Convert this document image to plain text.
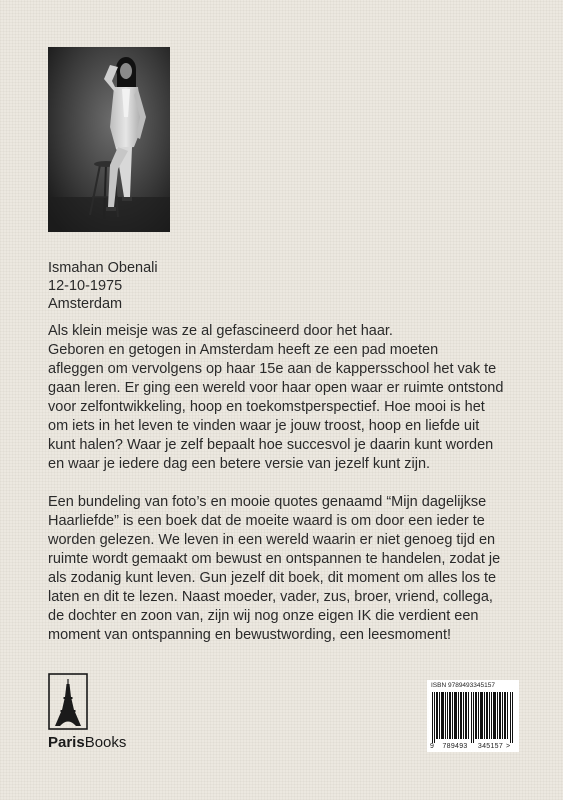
Ismahan Obenali
12-10-1975
Amsterdam

Als klein meisje was ze al gefascineerd door het haar.
Geboren en getogen in Amsterdam heeft ze een pad moeten
afleggen om vervolgens op haar 15e aan de kappersschool het vak te
gaan leren. Er ging een wereld voor haar open waar er ruimte ontstond
voor zelfontwikkeling, hoop en toekomstperspectief. Hoe mooi is het
om iets in het leven te vinden waar je jouw troost, hoop en liefde uit
kunt halen? Waar je zelf bepaalt hoe succesvol je daarin kunt worden
en waar je iedere dag een betere versie van jezelf kunt zijn.

Een bundeling van foto’s en mooie quotes genaamd “Mijn dagelijkse
Haarliefde” is een boek dat de moeite waard is om door een ieder te
worden gelezen. We leven in een wereld waarin er niet genoeg tijd en
ruimte wordt gemaakt om bewust en ontspannen te handelen, zodat je
als zodanig kunt leven. Gun jezelf dit boek, dit moment om alles los te
laten en dit te lezen. Naast moeder, vader, zus, broer, vriend, collega,
de dochter en zoon van, zijn wij nog onze eigen IK die verdient een
moment van ontspanning en bewustwording, een leesmoment!

ParisBooks
ISBN 9789493345157
9 789493 345157 >
